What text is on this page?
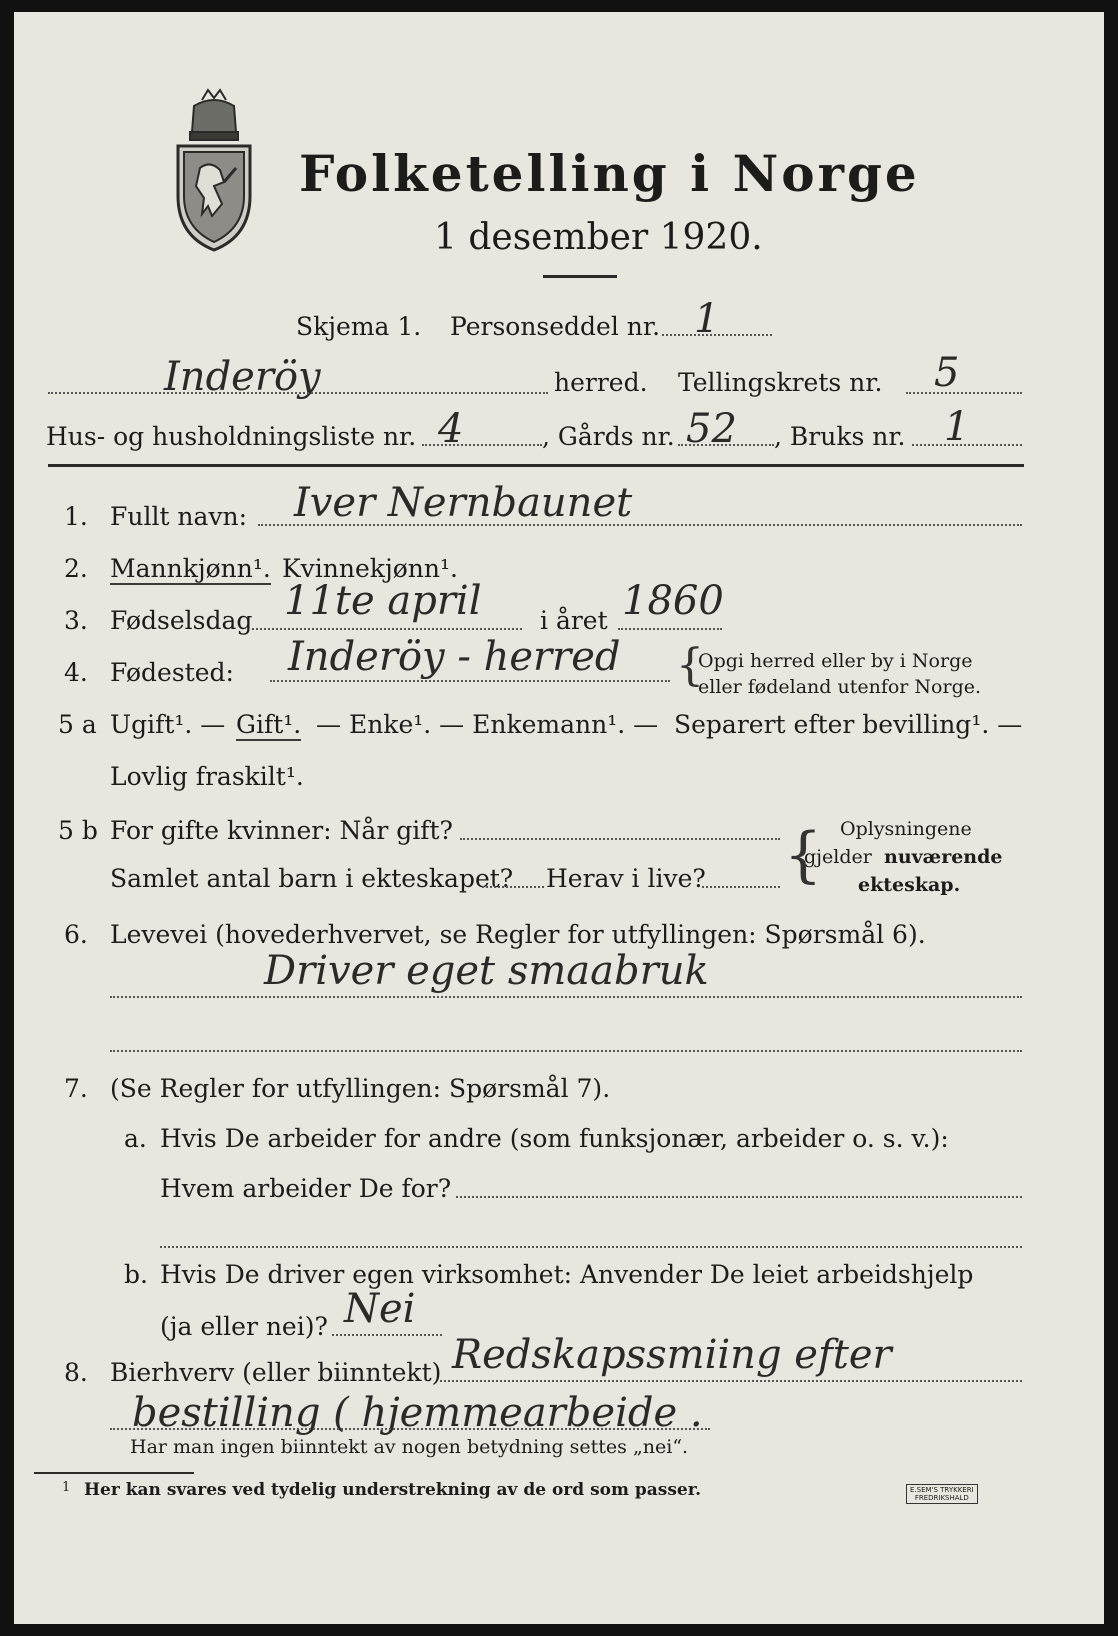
Folketelling i Norge
1 desember 1920.
Skjema 1. Personseddel nr. 1
Inderöy	herred. Tellingskrets nr. 5
Hus- og husholdningsliste nr. 4	, Gårds nr. 52 , Bruks nr. 1
1. Fullt navn: Iver Nernbaunet
2. Mannkjønn¹. Kvinnekjønn¹.
3. Fødselsdag 11te april i året 1860
4. Fødested: Inderöy - herred {
Opgi herred eller by i Norge
eller fødeland utenfor Norge.
5 a Ugift¹. — Gift¹. — Enke¹. — Enkemann¹. — Separert efter bevilling¹. —
Lovlig fraskilt¹.
5 b For gifte kvinner: Når gift?
Samlet antal barn i ekteskapet? Herav i live? { Oplysningene
gjelder nuværende
ekteskap.
6. Levevei (hovederhvervet, se Regler for utfyllingen: Spørsmål 6).
Driver eget smaabruk
7. (Se Regler for utfyllingen: Spørsmål 7).
a. Hvis De arbeider for andre (som funksjonær, arbeider o. s. v.):
Hvem arbeider De for?
b. Hvis De driver egen virksomhet: Anvender De leiet arbeidshjelp
(ja eller nei)? Nei
8. Bierhverv (eller biinntekt) Redskapssmiing efter
bestilling ( hjemmearbeide .
Har man ingen biinntekt av nogen betydning settes „nei“.
1 Her kan svares ved tydelig understrekning av de ord som passer.	E.SEM'S TRYKKERI
FREDRIKSHALD
